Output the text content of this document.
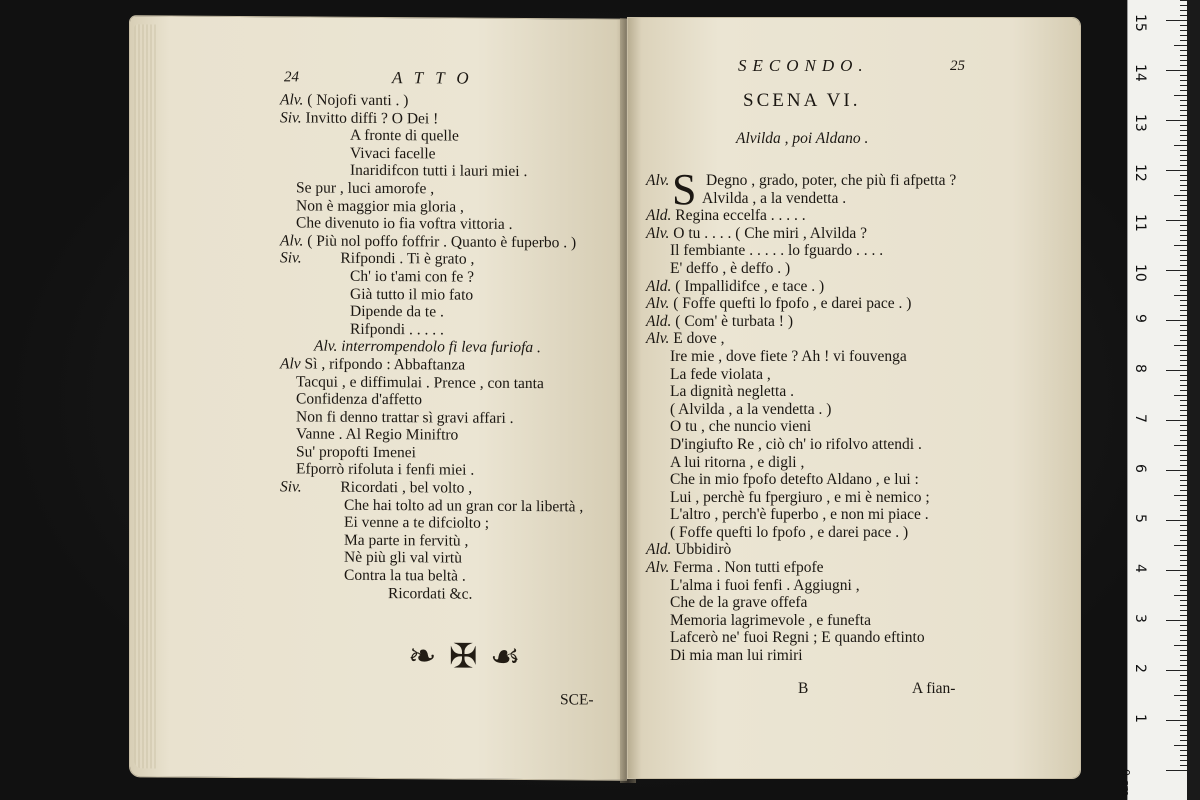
24	ATTO
Alv. ( Nojofi vanti . )
Siv. Invitto diffi ? O Dei !
A fronte di quelle
Vivaci facelle
Inaridifcon tutti i lauri miei .
Se pur , luci amorofe ,
Non è maggior mia gloria ,
Che divenuto io fia voftra vittoria .
Alv. ( Più nol poffo foffrir . Quanto è fuperbo . )
Siv.          Rifpondi . Ti è grato ,
Ch' io t'ami con fe ?
Già tutto il mio fato
Dipende da te .
Rifpondi . . . . .
Alv. interrompendolo fi leva furiofa .
Alv Sì , rifpondo : Abbaftanza
Tacqui , e diffimulai . Prence , con tanta
Confidenza d'affetto
Non fi denno trattar sì gravi affari .
Vanne . Al Regio Miniftro
Su' propofti Imenei
Efporrò rifoluta i fenfi miei .
Siv.          Ricordati , bel volto ,
Che hai tolto ad un gran cor la libertà ,
Ei venne a te difciolto ;
Ma parte in fervitù ,
Nè più gli val virtù
Contra la tua beltà .
Ricordati &c.
❧ ✠ ☙
SCE-
SECONDO.	25
SCENA VI.
Alvilda , poi Aldano .
S
Alv. Degno , grado, poter, che più fi afpetta ?
Alvilda , a la vendetta .
Ald. Regina eccelfa . . . . .
Alv. O tu . . . . ( Che miri , Alvilda ?
Il fembiante . . . . . lo fguardo . . . .
E' deffo , è deffo . )
Ald. ( Impallidifce , e tace . )
Alv. ( Foffe quefti lo fpofo , e darei pace . )
Ald. ( Com' è turbata ! )
Alv. E dove ,
Ire mie , dove fiete ? Ah ! vi fouvenga
La fede violata ,
La dignità negletta .
( Alvilda , a la vendetta . )
O tu , che nuncio vieni
D'ingiufto Re , ciò ch' io rifolvo attendi .
A lui ritorna , e digli ,
Che in mio fpofo detefto Aldano , e lui :
Lui , perchè fu fpergiuro , e mi è nemico ;
L'altro , perch'è fuperbo , e non mi piace .
( Foffe quefti lo fpofo , e darei pace . )
Ald. Ubbidirò
Alv. Ferma . Non tutti efpofe
L'alma i fuoi fenfi . Aggiugni ,
Che de la grave offefa
Memoria lagrimevole , e funefta
Lafcerò ne' fuoi Regni ; E quando eftinto
Di mia man lui rimiri
B	A fian-
0 cm
15
14
13
12
11
10
9
8
7
6
5
4
3
2
1
